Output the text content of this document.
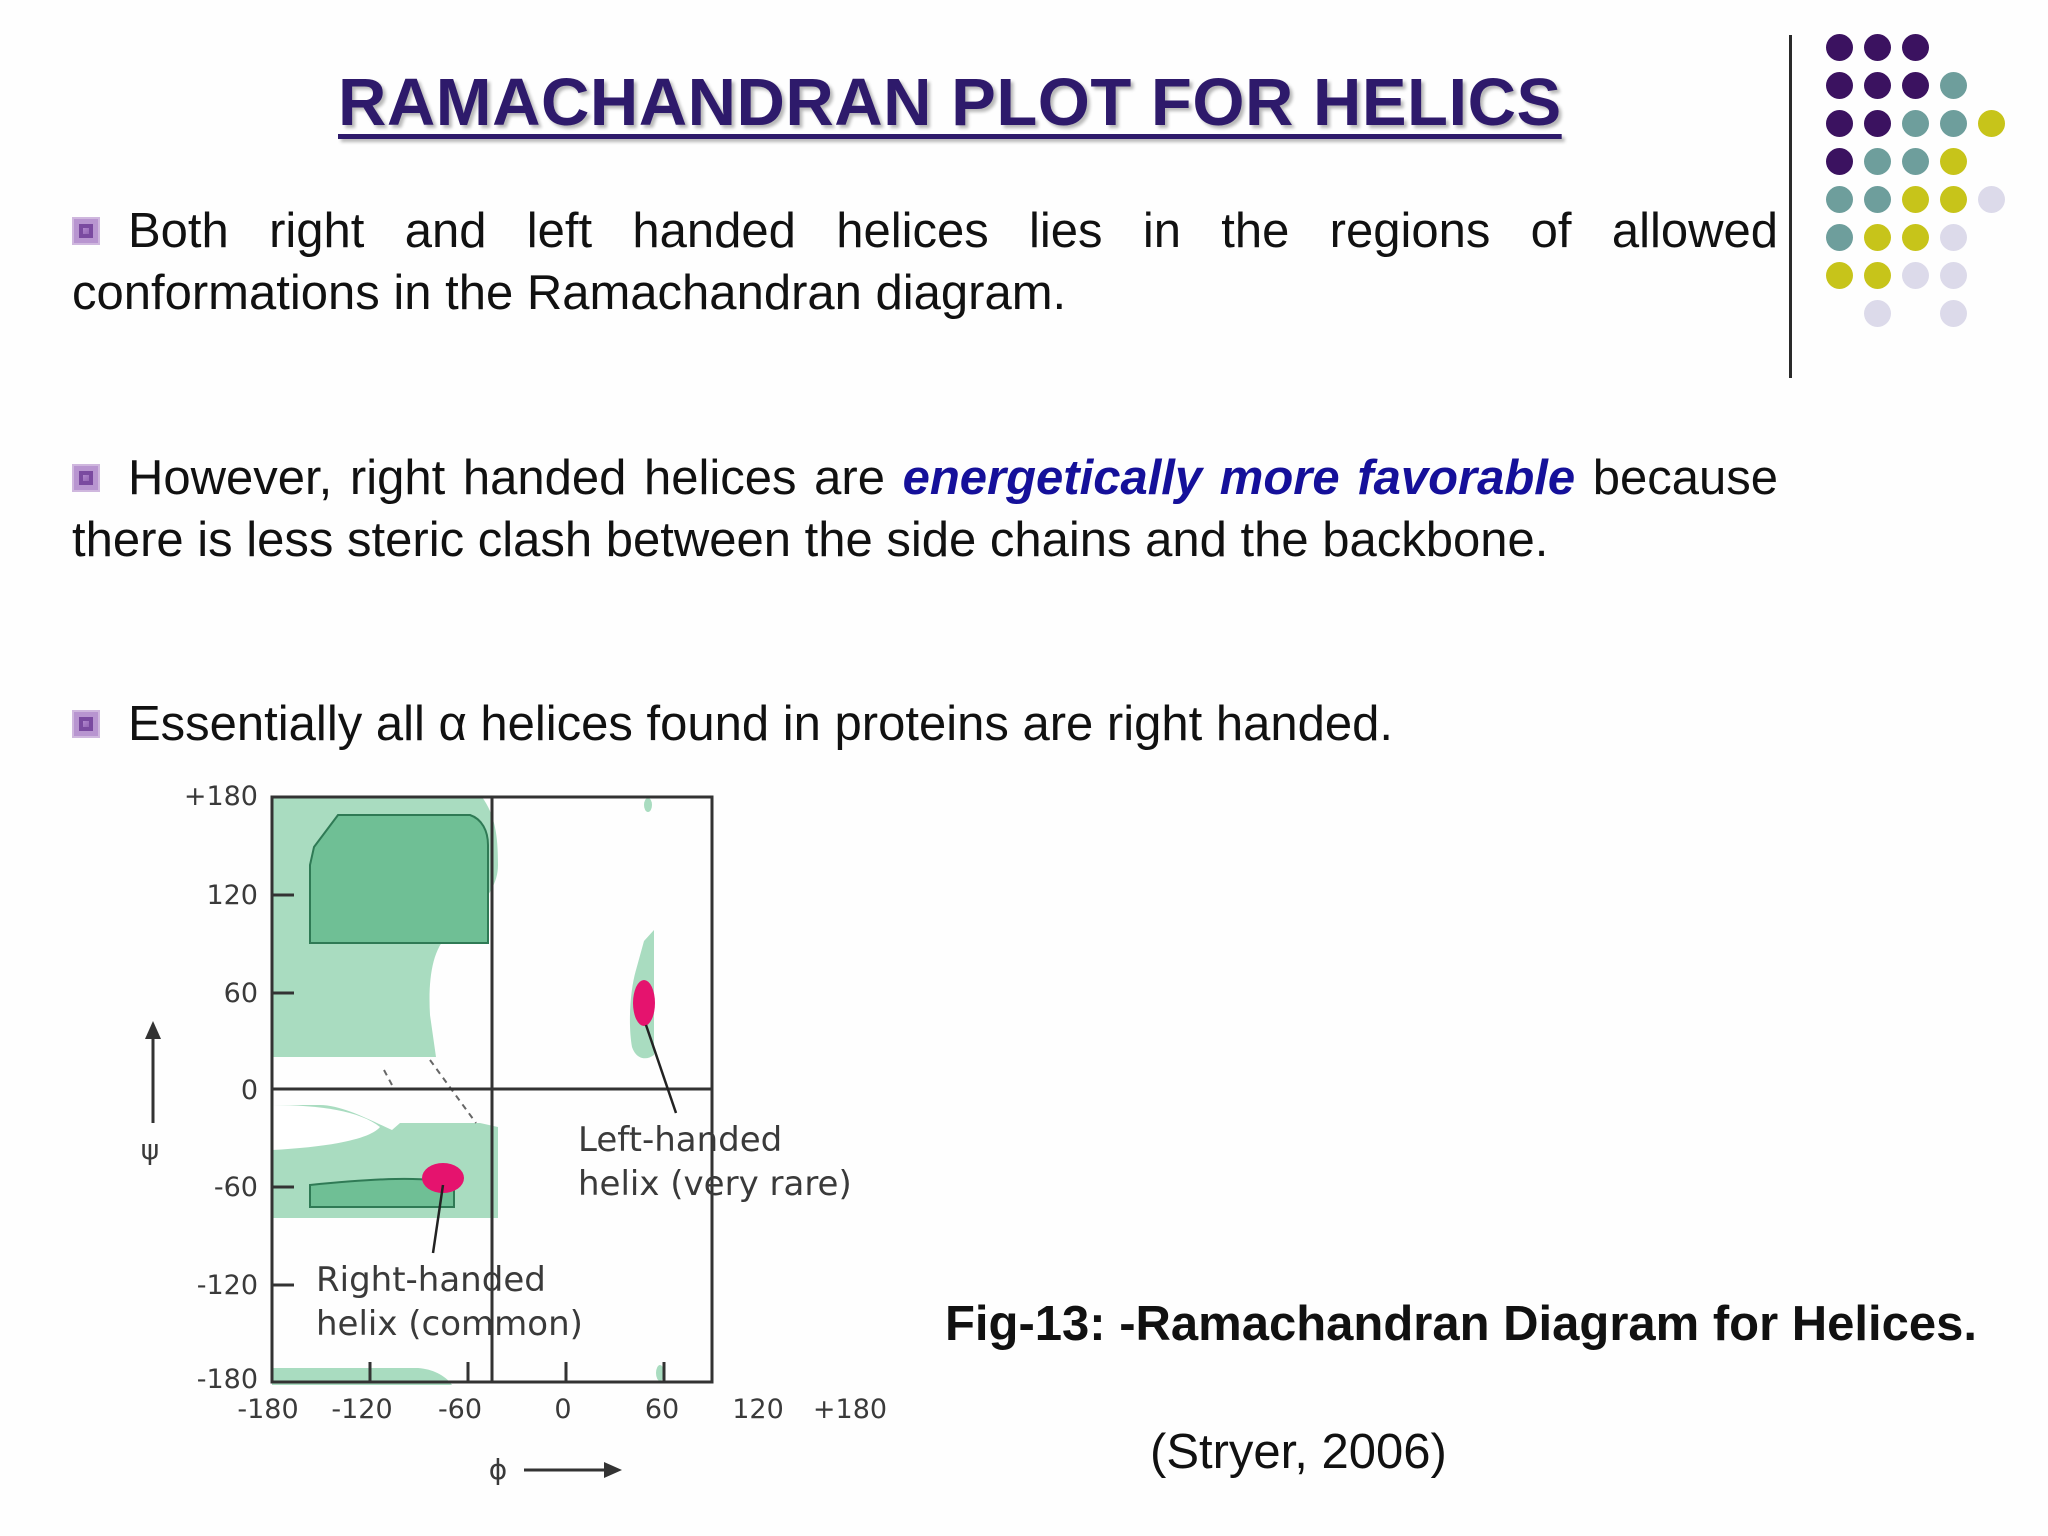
RAMACHANDRAN PLOT FOR HELICS
Both right and left handed helices lies in the regions of allowed conformations in the Ramachandran diagram.
However, right handed helices are energetically more favorable because there is less steric clash between the side chains and the backbone.
Essentially all α helices found in proteins are right handed.
+180
120
60
0
-60
-120
-180
-180 -120 -60	0	60 120 +180
ψ
ϕ
Left-handed
helix (very rare)
Right-handed
helix (common)	Fig-13: -Ramachandran Diagram for Helices.
(Stryer, 2006)
